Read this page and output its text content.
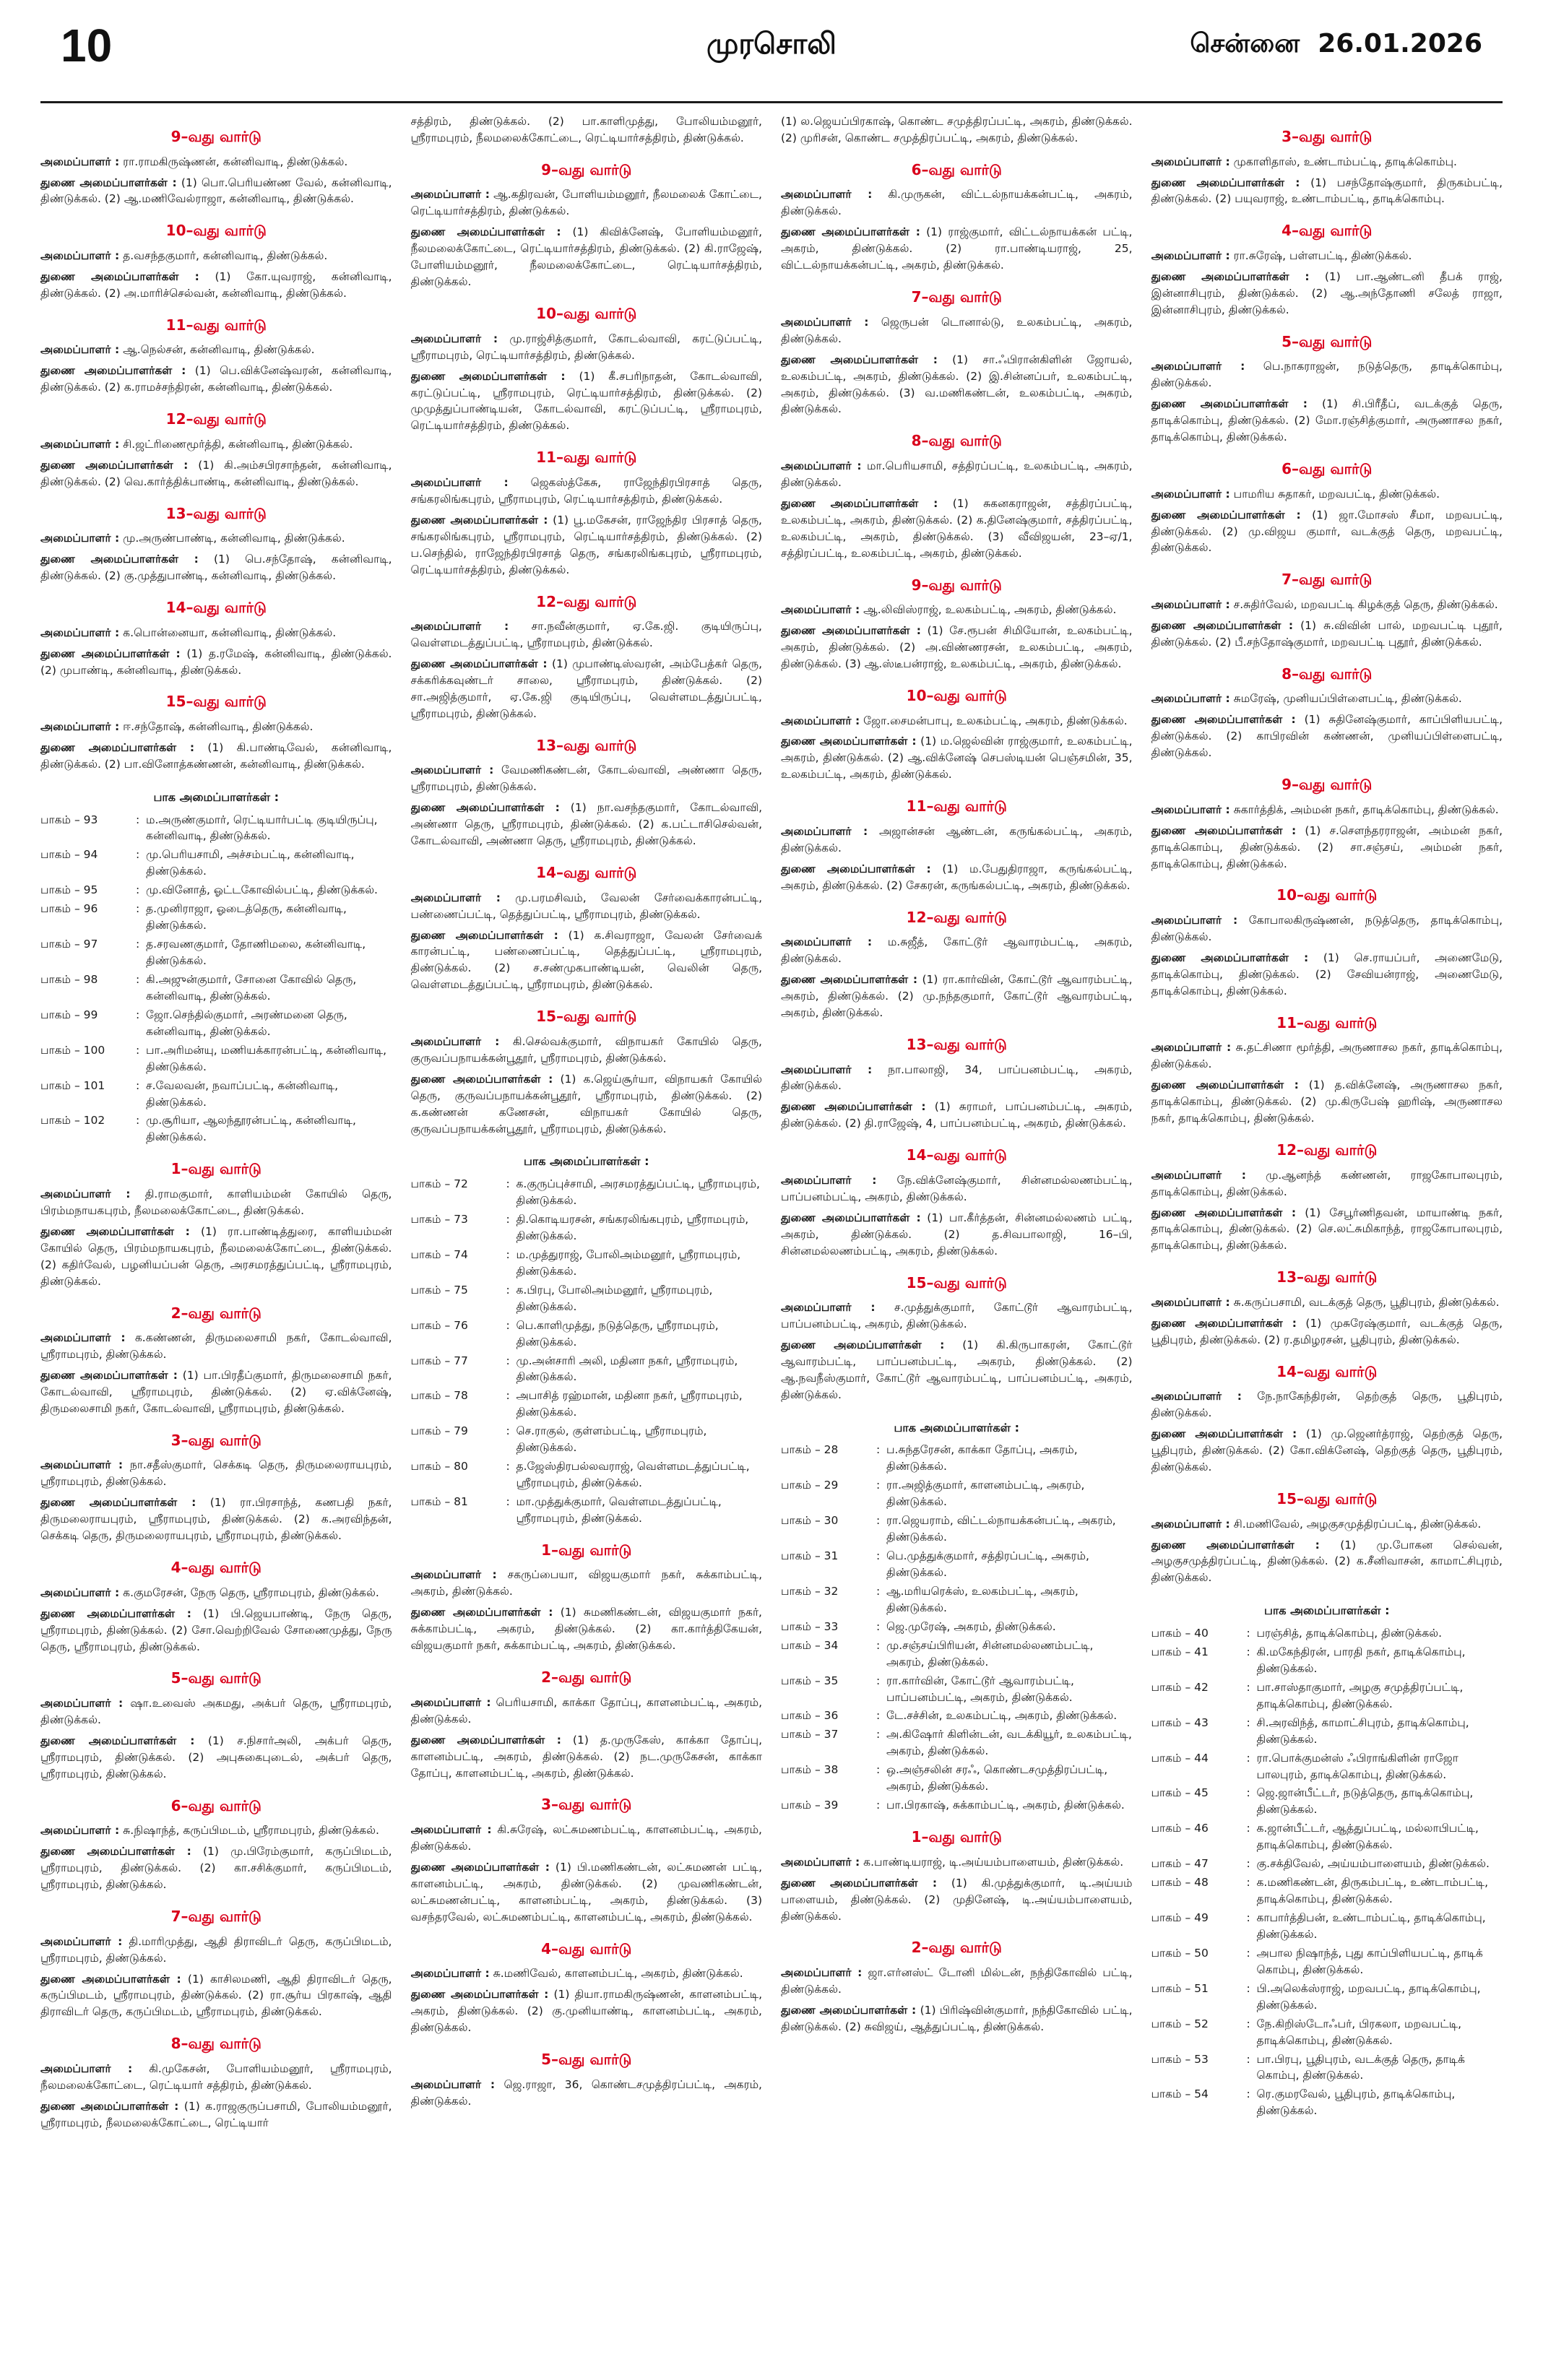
10	முரசொலி	சென்னை 26.01.2026
9–வது வார்டு
அமைப்பாளர் : ரா.ராமகிருஷ்ணன், கன்னிவாடி, திண்டுக்கல்.
துணை அமைப்பாளர்கள் : (1) பொ.பெரியண்ண வேல், கன்னிவாடி, திண்டுக்கல். (2) ஆ.மணிவேல்ராஜா, கன்னிவாடி, திண்டுக்கல்.
10–வது வார்டு
அமைப்பாளர் : த.வசந்தகுமார், கன்னிவாடி, திண்டுக்கல்.
துணை அமைப்பாளர்கள் : (1) கோ.யுவராஜ், கன்னிவாடி, திண்டுக்கல். (2) அ.மாரிச்செல்வன், கன்னிவாடி, திண்டுக்கல்.
11–வது வார்டு
அமைப்பாளர் : ஆ.நெல்சன், கன்னிவாடி, திண்டுக்கல்.
துணை அமைப்பாளர்கள் : (1) பெ.விக்னேஷ்வரன், கன்னிவாடி, திண்டுக்கல். (2) க.ராமச்சந்திரன், கன்னிவாடி, திண்டுக்கல்.
12–வது வார்டு
அமைப்பாளர் : சி.ஜட்ரிணைமூர்த்தி, கன்னிவாடி, திண்டுக்கல்.
துணை அமைப்பாளர்கள் : (1) கி.அம்சபிரசாந்தன், கன்னிவாடி, திண்டுக்கல். (2) வெ.கார்த்திக்பாண்டி, கன்னிவாடி, திண்டுக்கல்.
13–வது வார்டு
அமைப்பாளர் : மு.அருண்பாண்டி, கன்னிவாடி, திண்டுக்கல்.
துணை அமைப்பாளர்கள் : (1) பெ.சந்தோஷ், கன்னிவாடி, திண்டுக்கல். (2) கு.முத்துபாண்டி, கன்னிவாடி, திண்டுக்கல்.
14–வது வார்டு
அமைப்பாளர் : க.பொன்னையா, கன்னிவாடி, திண்டுக்கல்.
துணை அமைப்பாளர்கள் : (1) த.ரமேஷ், கன்னிவாடி, திண்டுக்கல். (2) முபாண்டி, கன்னிவாடி, திண்டுக்கல்.
15–வது வார்டு
அமைப்பாளர் : ஈ.சந்தோஷ், கன்னிவாடி, திண்டுக்கல்.
துணை அமைப்பாளர்கள் : (1) கி.பாண்டிவேல், கன்னிவாடி, திண்டுக்கல். (2) பா.வினோத்கண்ணன், கன்னிவாடி, திண்டுக்கல்.
பாக அமைப்பாளர்கள் :
பாகம் – 93	: ம.அருண்குமார், ரெட்டியார்பட்டி குடியிருப்பு, கன்னிவாடி, திண்டுக்கல்.
பாகம் – 94	: மு.பெரியசாமி, அச்சம்பட்டி, கன்னிவாடி, திண்டுக்கல்.
பாகம் – 95	: மு.வினோத், ஓட்டகோவில்பட்டி, திண்டுக்கல்.
பாகம் – 96	: த.முனிராஜா, ஓடைத்தெரு, கன்னிவாடி, திண்டுக்கல்.
பாகம் – 97	: த.சரவணகுமார், தோணிமலை, கன்னிவாடி, திண்டுக்கல்.
பாகம் – 98	: கி.அஜுன்குமார், சோனை கோவில் தெரு, கன்னிவாடி, திண்டுக்கல்.
பாகம் – 99	: ஜோ.செந்தில்குமார், அரண்மனை தெரு, கன்னிவாடி, திண்டுக்கல்.
பாகம் – 100	: பா.அரிமன்யு, மணியக்காரன்பட்டி, கன்னிவாடி, திண்டுக்கல்.
பாகம் – 101	: ச.வேலவன், நவாப்பட்டி, கன்னிவாடி, திண்டுக்கல்.
பாகம் – 102	: மு.சூரியா, ஆலந்தூரன்பட்டி, கன்னிவாடி, திண்டுக்கல்.
1–வது வார்டு
அமைப்பாளர் : தி.ராமகுமார், காளியம்மன் கோயில் தெரு, பிரம்மநாயகபுரம், நீலமலைக்கோட்டை, திண்டுக்கல்.
துணை அமைப்பாளர்கள் : (1) ரா.பாண்டித்துரை, காளியம்மன் கோயில் தெரு, பிரம்மநாயகபுரம், நீலமலைக்கோட்டை, திண்டுக்கல். (2) கதிர்வேல், பழனியப்பன் தெரு, அரசமரத்துப்பட்டி, ஸ்ரீராமபுரம், திண்டுக்கல்.
2–வது வார்டு
அமைப்பாளர் : க.கண்ணன், திருமலைசாமி நகர், கோடல்வாவி, ஸ்ரீராமபுரம், திண்டுக்கல்.
துணை அமைப்பாளர்கள் : (1) பா.பிரதீப்குமார், திருமலைசாமி நகர், கோடல்வாவி, ஸ்ரீராமபுரம், திண்டுக்கல். (2) ஏ.விக்னேஷ், திருமலைசாமி நகர், கோடல்வாவி, ஸ்ரீராமபுரம், திண்டுக்கல்.
3–வது வார்டு
அமைப்பாளர் : நா.சதீஸ்குமார், செக்கடி தெரு, திருமலைராயபுரம், ஸ்ரீராமபுரம், திண்டுக்கல்.
துணை அமைப்பாளர்கள் : (1) ரா.பிரசாந்த், கணபதி நகர், திருமலைராயபுரம், ஸ்ரீராமபுரம், திண்டுக்கல். (2) க.அரவிந்தன், செக்கடி தெரு, திருமலைராயபுரம், ஸ்ரீராமபுரம், திண்டுக்கல்.
4–வது வார்டு
அமைப்பாளர் : க.குமரேசன், நேரு தெரு, ஸ்ரீராமபுரம், திண்டுக்கல்.
துணை அமைப்பாளர்கள் : (1) பி.ஜெயபாண்டி, நேரு தெரு, ஸ்ரீராமபுரம், திண்டுக்கல். (2) சோ.வெற்றிவேல் சோணைமுத்து, நேரு தெரு, ஸ்ரீராமபுரம், திண்டுக்கல்.
5–வது வார்டு
அமைப்பாளர் : ஷா.உவைஸ் அகமது, அக்பர் தெரு, ஸ்ரீராமபுரம், திண்டுக்கல்.
துணை அமைப்பாளர்கள் : (1) ச.நிசார்அலி, அக்பர் தெரு, ஸ்ரீராமபுரம், திண்டுக்கல். (2) அபுசுகைபுடைல், அக்பர் தெரு, ஸ்ரீராமபுரம், திண்டுக்கல்.
6–வது வார்டு
அமைப்பாளர் : சு.நிஷாந்த், கருப்பிமடம், ஸ்ரீராமபுரம், திண்டுக்கல்.
துணை அமைப்பாளர்கள் : (1) மு.பிரேம்குமார், கருப்பிமடம், ஸ்ரீராமபுரம், திண்டுக்கல். (2) கா.சசிக்குமார், கருப்பிமடம், ஸ்ரீராமபுரம், திண்டுக்கல்.
7–வது வார்டு
அமைப்பாளர் : தி.மாரிமுத்து, ஆதி திராவிடர் தெரு, கருப்பிமடம், ஸ்ரீராமபுரம், திண்டுக்கல்.
துணை அமைப்பாளர்கள் : (1) காசிலமணி, ஆதி திராவிடர் தெரு, கருப்பிமடம், ஸ்ரீராமபுரம், திண்டுக்கல். (2) ரா.சூர்ய பிரகாஷ், ஆதி திராவிடர் தெரு, கருப்பிமடம், ஸ்ரீராமபுரம், திண்டுக்கல்.
8–வது வார்டு
அமைப்பாளர் : கி.முகேசன், போளியம்மனூர், ஸ்ரீராமபுரம், நீலமலைக்கோட்டை, ரெட்டியார் சத்திரம், திண்டுக்கல்.
துணை அமைப்பாளர்கள் : (1) க.ராஜகுருப்பசாமி, போலியம்மனூர், ஸ்ரீராமபுரம், நீலமலைக்கோட்டை, ரெட்டியார்
சத்திரம், திண்டுக்கல். (2) பா.காளிமுத்து, போலியம்மனூர், ஸ்ரீராமபுரம், நீலமலைக்கோட்டை, ரெட்டியார்சத்திரம், திண்டுக்கல்.
9–வது வார்டு
அமைப்பாளர் : ஆ.கதிரவன், போளியம்மனூர், நீலமலைக் கோட்டை, ரெட்டியார்சத்திரம், திண்டுக்கல்.
துணை அமைப்பாளர்கள் : (1) கிவிக்னேஷ், போளியம்மனூர், நீலமலைக்கோட்டை, ரெட்டியார்சத்திரம், திண்டுக்கல். (2) கி.ராஜேஷ், போளியம்மனூர், நீலமலைக்கோட்டை, ரெட்டியார்சத்திரம், திண்டுக்கல்.
10–வது வார்டு
அமைப்பாளர் : மு.ராஜ்சித்குமார், கோடல்வாவி, கரட்டுப்பட்டி, ஸ்ரீராமபுரம், ரெட்டியார்சத்திரம், திண்டுக்கல்.
துணை அமைப்பாளர்கள் : (1) கீ.சபரிநாதன், கோடல்வாவி, கரட்டுப்பட்டி, ஸ்ரீராமபுரம், ரெட்டியார்சத்திரம், திண்டுக்கல். (2) முமுத்துப்பாண்டியன், கோடல்வாவி, கரட்டுப்பட்டி, ஸ்ரீராமபுரம், ரெட்டியார்சத்திரம், திண்டுக்கல்.
11–வது வார்டு
அமைப்பாளர் : ஜெகஸ்த்கேசு, ராஜேந்திரபிரசாத் தெரு, சங்கரலிங்கபுரம், ஸ்ரீராமபுரம், ரெட்டியார்சத்திரம், திண்டுக்கல்.
துணை அமைப்பாளர்கள் : (1) பூ.மகேசன், ராஜேந்திர பிரசாத் தெரு, சங்கரலிங்கபுரம், ஸ்ரீராமபுரம், ரெட்டியார்சத்திரம், திண்டுக்கல். (2) ப.செந்தில், ராஜேந்திரபிரசாத் தெரு, சங்கரலிங்கபுரம், ஸ்ரீராமபுரம், ரெட்டியார்சத்திரம், திண்டுக்கல்.
12–வது வார்டு
அமைப்பாளர் : சா.நவீன்குமார், ஏ.கே.ஜி. குடியிருப்பு, வெள்ளமடத்துப்பட்டி, ஸ்ரீராமபுரம், திண்டுக்கல்.
துணை அமைப்பாளர்கள் : (1) முபாண்டிஸ்வரன், அம்பேத்கர் தெரு, சக்கரிக்கவுண்டர் சாலை, ஸ்ரீராமபுரம், திண்டுக்கல். (2) சா.அஜித்குமார், ஏ.கே.ஜி குடியிருப்பு, வெள்ளமடத்துப்பட்டி, ஸ்ரீராமபுரம், திண்டுக்கல்.
13–வது வார்டு
அமைப்பாளர் : வேமணிகண்டன், கோடல்வாவி, அண்ணா தெரு, ஸ்ரீராமபுரம், திண்டுக்கல்.
துணை அமைப்பாளர்கள் : (1) நா.வசந்தகுமார், கோடல்வாவி, அண்ணா தெரு, ஸ்ரீராமபுரம், திண்டுக்கல். (2) க.பட்டாசிசெல்வன், கோடல்வாவி, அண்ணா தெரு, ஸ்ரீராமபுரம், திண்டுக்கல்.
14–வது வார்டு
அமைப்பாளர் : மு.பரமசிவம், வேலன் சேர்வைக்காரன்பட்டி, பண்ணைப்பட்டி, தெத்துப்பட்டி, ஸ்ரீராமபுரம், திண்டுக்கல்.
துணை அமைப்பாளர்கள் : (1) க.சிவராஜா, வேலன் சேர்வைக் காரன்பட்டி, பண்ணைப்பட்டி, தெத்துப்பட்டி, ஸ்ரீராமபுரம், திண்டுக்கல். (2) ச.சண்முகபாண்டியன், வெலின் தெரு, வெள்ளமடத்துப்பட்டி, ஸ்ரீராமபுரம், திண்டுக்கல்.
15–வது வார்டு
அமைப்பாளர் : கி.செல்வக்குமார், விநாயகர் கோயில் தெரு, குருவப்பநாயக்கன்பூதூர், ஸ்ரீராமபுரம், திண்டுக்கல்.
துணை அமைப்பாளர்கள் : (1) க.ஜெய்சூர்யா, விநாயகர் கோயில் தெரு, குருவப்பநாயக்கன்பூதூர், ஸ்ரீராமபுரம், திண்டுக்கல். (2) க.கண்ணன் கணேசன், விநாயகர் கோயில் தெரு, குருவப்பநாயக்கன்பூதூர், ஸ்ரீராமபுரம், திண்டுக்கல்.
பாக அமைப்பாளர்கள் :
பாகம் – 72	: க.குருப்புச்சாமி, அரசமரத்துப்பட்டி, ஸ்ரீராமபுரம், திண்டுக்கல்.
பாகம் – 73	: தி.கொடியரசன், சங்கரலிங்கபுரம், ஸ்ரீராமபுரம், திண்டுக்கல்.
பாகம் – 74	: ம.முத்துராஜ், போலிஅம்மனூர், ஸ்ரீராமபுரம், திண்டுக்கல்.
பாகம் – 75	: க.பிரபு, போலிஅம்மனூர், ஸ்ரீராமபுரம், திண்டுக்கல்.
பாகம் – 76	: பெ.காளிமுத்து, நடுத்தெரு, ஸ்ரீராமபுரம், திண்டுக்கல்.
பாகம் – 77	: மு.அன்சாரி அலி, மதினா நகர், ஸ்ரீராமபுரம், திண்டுக்கல்.
பாகம் – 78	: அபாசித் ரஹ்மான், மதினா நகர், ஸ்ரீராமபுரம், திண்டுக்கல்.
பாகம் – 79	: செ.ராகுல், குள்ளம்பட்டி, ஸ்ரீராமபுரம், திண்டுக்கல்.
பாகம் – 80	: த.ஜேஸ்திரபல்லவராஜ், வெள்ளமடத்துப்பட்டி, ஸ்ரீராமபுரம், திண்டுக்கல்.
பாகம் – 81	: மா.முத்துக்குமார், வெள்ளமடத்துப்பட்டி, ஸ்ரீராமபுரம், திண்டுக்கல்.
1–வது வார்டு
அமைப்பாளர் : சகருப்பையா, விஜயகுமார் நகர், சுக்காம்பட்டி, அகரம், திண்டுக்கல்.
துணை அமைப்பாளர்கள் : (1) சுமணிகண்டன், விஜயகுமார் நகர், சுக்காம்பட்டி, அகரம், திண்டுக்கல். (2) கா.கார்த்திகேயன், விஜயகுமார் நகர், சுக்காம்பட்டி, அகரம், திண்டுக்கல்.
2–வது வார்டு
அமைப்பாளர் : பெரியசாமி, காக்கா தோப்பு, காளனம்பட்டி, அகரம், திண்டுக்கல்.
துணை அமைப்பாளர்கள் : (1) த.முருகேஸ், காக்கா தோப்பு, காளனம்பட்டி, அகரம், திண்டுக்கல். (2) நட.முருகேசன், காக்கா தோப்பு, காளனம்பட்டி, அகரம், திண்டுக்கல்.
3–வது வார்டு
அமைப்பாளர் : கி.சுரேஷ், லட்சுமணம்பட்டி, காளனம்பட்டி, அகரம், திண்டுக்கல்.
துணை அமைப்பாளர்கள் : (1) பி.மணிகண்டன், லட்சுமணன் பட்டி, காளனம்பட்டி, அகரம், திண்டுக்கல். (2) முவணிகண்டன், லட்சுமணன்பட்டி, காளனம்பட்டி, அகரம், திண்டுக்கல். (3) வசந்தரவேல், லட்சுமணம்பட்டி, காளனம்பட்டி, அகரம், திண்டுக்கல்.
4–வது வார்டு
அமைப்பாளர் : சு.மணிவேல், காளனம்பட்டி, அகரம், திண்டுக்கல்.
துணை அமைப்பாளர்கள் : (1) தியா.ராமகிருஷ்ணன், காளனம்பட்டி, அகரம், திண்டுக்கல். (2) கு.முனியாண்டி, காளனம்பட்டி, அகரம், திண்டுக்கல்.
5–வது வார்டு
அமைப்பாளர் : ஜெ.ராஜா, 36, கொண்டசமுத்திரப்பட்டி, அகரம், திண்டுக்கல்.
(1) ல.ஜெயப்பிரகாஷ், கொண்ட சமுத்திரப்பட்டி, அகரம், திண்டுக்கல். (2) முரிசன், கொண்ட சமுத்திரப்பட்டி, அகரம், திண்டுக்கல்.
6–வது வார்டு
அமைப்பாளர் : கி.முருகன், விட்டல்நாயக்கன்பட்டி, அகரம், திண்டுக்கல்.
துணை அமைப்பாளர்கள் : (1) ராஜ்குமார், விட்டல்நாயக்கன் பட்டி, அகரம், திண்டுக்கல். (2) ரா.பாண்டியராஜ், 25, விட்டல்நாயக்கன்பட்டி, அகரம், திண்டுக்கல்.
7–வது வார்டு
அமைப்பாளர் : ஜெருபன் டொனால்டு, உலகம்பட்டி, அகரம், திண்டுக்கல்.
துணை அமைப்பாளர்கள் : (1) சா.ஃபிரான்கிளின் ஜோயல், உலகம்பட்டி, அகரம், திண்டுக்கல். (2) இ.சின்னப்பர், உலகம்பட்டி, அகரம், திண்டுக்கல். (3) வ.மணிகண்டன், உலகம்பட்டி, அகரம், திண்டுக்கல்.
8–வது வார்டு
அமைப்பாளர் : மா.பெரியசாமி, சத்திரப்பட்டி, உலகம்பட்டி, அகரம், திண்டுக்கல்.
துணை அமைப்பாளர்கள் : (1) சுகனகராஜன், சத்திரப்பட்டி, உலகம்பட்டி, அகரம், திண்டுக்கல். (2) க.தினேஷ்குமார், சத்திரப்பட்டி, உலகம்பட்டி, அகரம், திண்டுக்கல். (3) வீவிஜயன், 23–ஏ/1, சத்திரப்பட்டி, உலகம்பட்டி, அகரம், திண்டுக்கல்.
9–வது வார்டு
அமைப்பாளர் : ஆ.லிவிஸ்ராஜ், உலகம்பட்டி, அகரம், திண்டுக்கல்.
துணை அமைப்பாளர்கள் : (1) சே.ரூபன் சிமியோன், உலகம்பட்டி, அகரம், திண்டுக்கல். (2) அ.விண்ணரசன், உலகம்பட்டி, அகரம், திண்டுக்கல். (3) ஆ.ஸ்டீபன்ராஜ், உலகம்பட்டி, அகரம், திண்டுக்கல்.
10–வது வார்டு
அமைப்பாளர் : ஜோ.சைமன்பாபு, உலகம்பட்டி, அகரம், திண்டுக்கல்.
துணை அமைப்பாளர்கள் : (1) ம.ஜெல்வின் ராஜ்குமார், உலகம்பட்டி, அகரம், திண்டுக்கல். (2) ஆ.விக்னேஷ் செபஸ்டியன் பெஞ்சமின், 35, உலகம்பட்டி, அகரம், திண்டுக்கல்.
11–வது வார்டு
அமைப்பாளர் : அஜான்சன் ஆண்டன், கருங்கல்பட்டி, அகரம், திண்டுக்கல்.
துணை அமைப்பாளர்கள் : (1) ம.பேதுதிராஜா, கருங்கல்பட்டி, அகரம், திண்டுக்கல். (2) சேகரன், கருங்கல்பட்டி, அகரம், திண்டுக்கல்.
12–வது வார்டு
அமைப்பாளர் : ம.சுஜீத், கோட்டூர் ஆவாரம்பட்டி, அகரம், திண்டுக்கல்.
துணை அமைப்பாளர்கள் : (1) ரா.கார்வின், கோட்டூர் ஆவாரம்பட்டி, அகரம், திண்டுக்கல். (2) மு.நந்தகுமார், கோட்டூர் ஆவாரம்பட்டி, அகரம், திண்டுக்கல்.
13–வது வார்டு
அமைப்பாளர் : நா.பாலாஜி, 34, பாப்பனம்பட்டி, அகரம், திண்டுக்கல்.
துணை அமைப்பாளர்கள் : (1) சுராமர், பாப்பனம்பட்டி, அகரம், திண்டுக்கல். (2) தி.ராஜேஷ், 4, பாப்பனம்பட்டி, அகரம், திண்டுக்கல்.
14–வது வார்டு
அமைப்பாளர் : நே.விக்னேஷ்குமார், சின்னமல்லணம்பட்டி, பாப்பனம்பட்டி, அகரம், திண்டுக்கல்.
துணை அமைப்பாளர்கள் : (1) பா.கீர்த்தன், சின்னமல்லணம் பட்டி, அகரம், திண்டுக்கல். (2) த.சிவபாலாஜி, 16–பி, சின்னமல்லணம்பட்டி, அகரம், திண்டுக்கல்.
15–வது வார்டு
அமைப்பாளர் : ச.முத்துக்குமார், கோட்டூர் ஆவாரம்பட்டி, பாப்பனம்பட்டி, அகரம், திண்டுக்கல்.
துணை அமைப்பாளர்கள் : (1) கி.கிருபாகரன், கோட்டூர் ஆவாரம்பட்டி, பாப்பனம்பட்டி, அகரம், திண்டுக்கல். (2) ஆ.நவநீஸ்குமார், கோட்டூர் ஆவாரம்பட்டி, பாப்பனம்பட்டி, அகரம், திண்டுக்கல்.
பாக அமைப்பாளர்கள் :
பாகம் – 28	: ப.சுந்தரேசன், காக்கா தோப்பு, அகரம், திண்டுக்கல்.
பாகம் – 29	: ரா.அஜித்குமார், காளனம்பட்டி, அகரம், திண்டுக்கல்.
பாகம் – 30	: ரா.ஜெயராம், விட்டல்நாயக்கன்பட்டி, அகரம், திண்டுக்கல்.
பாகம் – 31	: பெ.முத்துக்குமார், சத்திரப்பட்டி, அகரம், திண்டுக்கல்.
பாகம் – 32	: ஆ.மரியரெக்ஸ், உலகம்பட்டி, அகரம், திண்டுக்கல்.
பாகம் – 33	: ஜெ.முரேஷ், அகரம், திண்டுக்கல்.
பாகம் – 34	: மு.சஞ்சய்பிரியன், சின்னமல்லணம்பட்டி, அகரம், திண்டுக்கல்.
பாகம் – 35	: ரா.கார்வின், கோட்டூர் ஆவாரம்பட்டி, பாப்பனம்பட்டி, அகரம், திண்டுக்கல்.
பாகம் – 36	: டே.சச்சின், உலகம்பட்டி, அகரம், திண்டுக்கல்.
பாகம் – 37	: அ.கிஷோர் கிளின்டன், வடக்கியூர், உலகம்பட்டி, அகரம், திண்டுக்கல்.
பாகம் – 38	: ஒ.அஞ்சலின் சரஃ, கொண்டசமுத்திரப்பட்டி, அகரம், திண்டுக்கல்.
பாகம் – 39	: பா.பிரகாஷ், சுக்காம்பட்டி, அகரம், திண்டுக்கல்.
1–வது வார்டு
அமைப்பாளர் : க.பாண்டியராஜ், டி.அய்யம்பாளையம், திண்டுக்கல்.
துணை அமைப்பாளர்கள் : (1) கி.முத்துக்குமார், டி.அய்யம் பாளையம், திண்டுக்கல். (2) முதினேஷ், டி.அய்யம்பாளையம், திண்டுக்கல்.
2–வது வார்டு
அமைப்பாளர் : ஜா.எர்னஸ்ட் டோனி மில்டன், நந்திகோவில் பட்டி, திண்டுக்கல்.
துணை அமைப்பாளர்கள் : (1) பிரிஷ்வின்குமார், நந்திகோவில் பட்டி, திண்டுக்கல். (2) சுவிஜய், ஆத்துப்பட்டி, திண்டுக்கல்.
3–வது வார்டு
அமைப்பாளர் : முகாளிதாஸ், உண்டாம்பட்டி, தாடிக்கொம்பு.
துணை அமைப்பாளர்கள் : (1) பசந்தோஷ்குமார், திருகம்பட்டி, திண்டுக்கல். (2) பயுவராஜ், உண்டாம்பட்டி, தாடிக்கொம்பு.
4–வது வார்டு
அமைப்பாளர் : ரா.சுரேஷ், பள்ளபட்டி, திண்டுக்கல்.
துணை அமைப்பாளர்கள் : (1) பா.ஆண்டனி தீபக் ராஜ், இன்னாசிபுரம், திண்டுக்கல். (2) ஆ.அந்தோணி சலேத் ராஜா, இன்னாசிபுரம், திண்டுக்கல்.
5–வது வார்டு
அமைப்பாளர் : பெ.நாகராஜன், நடுத்தெரு, தாடிக்கொம்பு, திண்டுக்கல்.
துணை அமைப்பாளர்கள் : (1) சி.பிரீதீப், வடக்குத் தெரு, தாடிக்கொம்பு, திண்டுக்கல். (2) மோ.ரஞ்சித்குமார், அருணாசல நகர், தாடிக்கொம்பு, திண்டுக்கல்.
6–வது வார்டு
அமைப்பாளர் : பாமரிய சுதாகர், மறவபட்டி, திண்டுக்கல்.
துணை அமைப்பாளர்கள் : (1) ஜா.மோசஸ் சீமா, மறவபட்டி, திண்டுக்கல். (2) மு.விஜய குமார், வடக்குத் தெரு, மறவபட்டி, திண்டுக்கல்.
7–வது வார்டு
அமைப்பாளர் : ச.சுதிர்வேல், மறவபட்டி கிழக்குத் தெரு, திண்டுக்கல்.
துணை அமைப்பாளர்கள் : (1) சு.விவின் பால், மறவபட்டி புதூர், திண்டுக்கல். (2) பீ.சந்தோஷ்குமார், மறவபட்டி புதூர், திண்டுக்கல்.
8–வது வார்டு
அமைப்பாளர் : சுமரேஷ், முனியப்பிள்ளைபட்டி, திண்டுக்கல்.
துணை அமைப்பாளர்கள் : (1) சுதினேஷ்குமார், காப்பிளியபட்டி, திண்டுக்கல். (2) காபிரவின் கண்ணன், முனியப்பிள்ளைபட்டி, திண்டுக்கல்.
9–வது வார்டு
அமைப்பாளர் : சுகார்த்திக், அம்மன் நகர், தாடிக்கொம்பு, திண்டுக்கல்.
துணை அமைப்பாளர்கள் : (1) ச.செளந்தரராஜன், அம்மன் நகர், தாடிக்கொம்பு, திண்டுக்கல். (2) சா.சஞ்சய், அம்மன் நகர், தாடிக்கொம்பு, திண்டுக்கல்.
10–வது வார்டு
அமைப்பாளர் : கோபாலகிருஷ்ணன், நடுத்தெரு, தாடிக்கொம்பு, திண்டுக்கல்.
துணை அமைப்பாளர்கள் : (1) செ.ராயப்பர், அணைமேடு, தாடிக்கொம்பு, திண்டுக்கல். (2) சேவியன்ராஜ், அணைமேடு, தாடிக்கொம்பு, திண்டுக்கல்.
11–வது வார்டு
அமைப்பாளர் : சு.தட்சிணா மூர்த்தி, அருணாசல நகர், தாடிக்கொம்பு, திண்டுக்கல்.
துணை அமைப்பாளர்கள் : (1) த.விக்னேஷ், அருணாசல நகர், தாடிக்கொம்பு, திண்டுக்கல். (2) மு.கிருபேஷ் ஹரிஷ், அருணாசல நகர், தாடிக்கொம்பு, திண்டுக்கல்.
12–வது வார்டு
அமைப்பாளர் : மு.ஆனந்த் கண்ணன், ராஜகோபாலபுரம், தாடிக்கொம்பு, திண்டுக்கல்.
துணை அமைப்பாளர்கள் : (1) சேபூர்ணிதவன், மாயாண்டி நகர், தாடிக்கொம்பு, திண்டுக்கல். (2) செ.லட்சுமிகாந்த், ராஜகோபாலபுரம், தாடிக்கொம்பு, திண்டுக்கல்.
13–வது வார்டு
அமைப்பாளர் : சு.கருப்பசாமி, வடக்குத் தெரு, பூதிபுரம், திண்டுக்கல்.
துணை அமைப்பாளர்கள் : (1) முசுரேஷ்குமார், வடக்குத் தெரு, பூதிபுரம், திண்டுக்கல். (2) ர.தமிழரசன், பூதிபுரம், திண்டுக்கல்.
14–வது வார்டு
அமைப்பாளர் : நே.நாகேந்திரன், தெற்குத் தெரு, பூதிபுரம், திண்டுக்கல்.
துணை அமைப்பாளர்கள் : (1) மு.ஜெனர்த்ராஜ், தெற்குத் தெரு, பூதிபுரம், திண்டுக்கல். (2) கோ.விக்னேஷ், தெற்குத் தெரு, பூதிபுரம், திண்டுக்கல்.
15–வது வார்டு
அமைப்பாளர் : சி.மணிவேல், அழகுசமுத்திரப்பட்டி, திண்டுக்கல்.
துணை அமைப்பாளர்கள் : (1) மு.போகன செல்வன், அழகுசமுத்திரப்பட்டி, திண்டுக்கல். (2) க.சீனிவாசன், காமாட்சிபுரம், திண்டுக்கல்.
பாக அமைப்பாளர்கள் :
பாகம் – 40	: பரஞ்சித், தாடிக்கொம்பு, திண்டுக்கல்.
பாகம் – 41	: கி.மகேந்திரன், பாரதி நகர், தாடிக்கொம்பு, திண்டுக்கல்.
பாகம் – 42	: பா.சாஸ்தாகுமார், அழகு சமுத்திரப்பட்டி, தாடிக்கொம்பு, திண்டுக்கல்.
பாகம் – 43	: சி.அரவிந்த், காமாட்சிபுரம், தாடிக்கொம்பு, திண்டுக்கல்.
பாகம் – 44	: ரா.பொக்குமன்ஸ் ஃபிராங்கிளின் ராஜோ பாலபுரம், தாடிக்கொம்பு, திண்டுக்கல்.
பாகம் – 45	: ஜெ.ஜான்பீட்டர், நடுத்தெரு, தாடிக்கொம்பு, திண்டுக்கல்.
பாகம் – 46	: க.ஜான்பீட்டர், ஆத்துப்பட்டி, மல்லாபிபட்டி, தாடிக்கொம்பு, திண்டுக்கல்.
பாகம் – 47	: கு.சக்திவேல், அய்யம்பாளையம், திண்டுக்கல்.
பாகம் – 48	: க.மணிகண்டன், திருகம்பட்டி, உண்டாம்பட்டி, தாடிக்கொம்பு, திண்டுக்கல்.
பாகம் – 49	: காபார்த்திபன், உண்டாம்பட்டி, தாடிக்கொம்பு, திண்டுக்கல்.
பாகம் – 50	: அபால நிஷாந்த், புது காப்பிளியபட்டி, தாடிக் கொம்பு, திண்டுக்கல்.
பாகம் – 51	: பி.அலெக்ஸ்ராஜ், மறவபட்டி, தாடிக்கொம்பு, திண்டுக்கல்.
பாகம் – 52	: நே.கிறிஸ்டோஃபர், பிரகலா, மறவபட்டி, தாடிக்கொம்பு, திண்டுக்கல்.
பாகம் – 53	: பா.பிரபு, பூதிபுரம், வடக்குத் தெரு, தாடிக் கொம்பு, திண்டுக்கல்.
பாகம் – 54	: ரெ.குமரவேல், பூதிபுரம், தாடிக்கொம்பு, திண்டுக்கல்.
